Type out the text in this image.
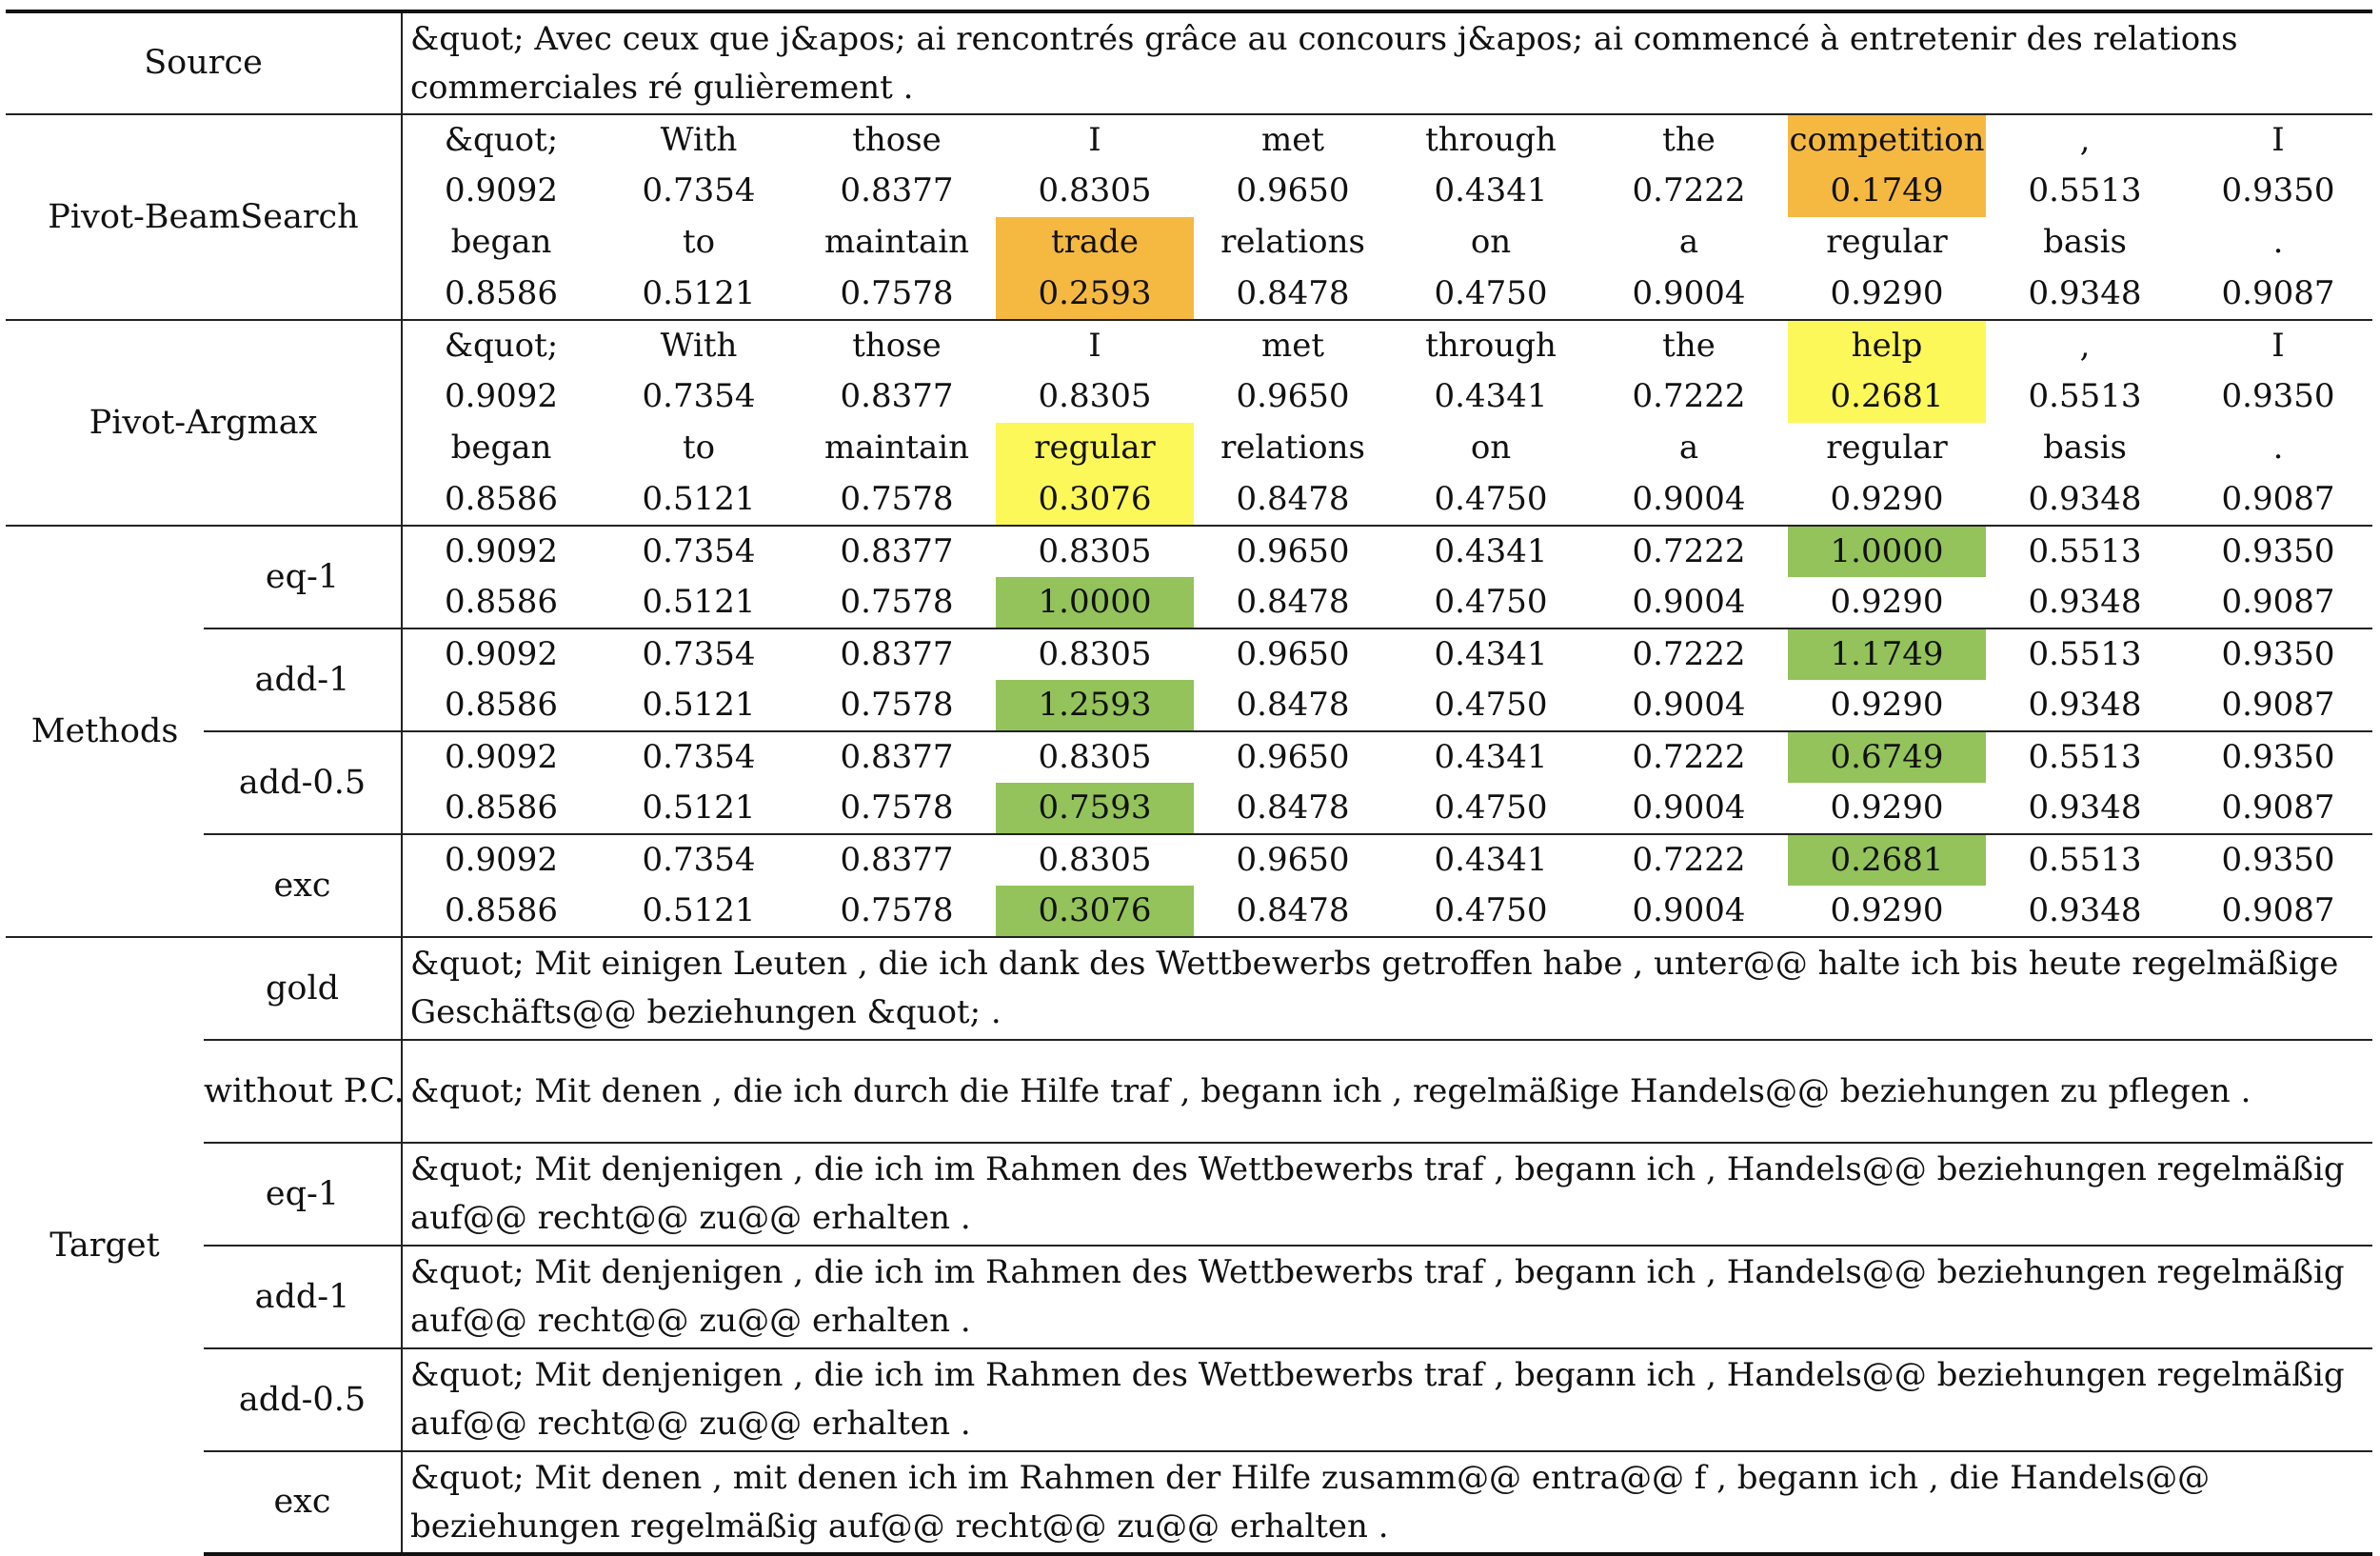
Source		&quot; Avec ceux que j&apos; ai rencontrés grâce au concours j&apos; ai commencé à entretenir des relations commerciales ré gulièrement .									
Pivot-BeamSearch		&quot;	With	those	I	met	through	the	competition	,	I
		0.9092	0.7354	0.8377	0.8305	0.9650	0.4341	0.7222	0.1749	0.5513	0.9350
		began	to	maintain	trade	relations	on	a	regular	basis	.
		0.8586	0.5121	0.7578	0.2593	0.8478	0.4750	0.9004	0.9290	0.9348	0.9087
Pivot-Argmax		&quot;	With	those	I	met	through	the	help	,	I
		0.9092	0.7354	0.8377	0.8305	0.9650	0.4341	0.7222	0.2681	0.5513	0.9350
		began	to	maintain	regular	relations	on	a	regular	basis	.
		0.8586	0.5121	0.7578	0.3076	0.8478	0.4750	0.9004	0.9290	0.9348	0.9087
Methods	eq-1	0.9092	0.7354	0.8377	0.8305	0.9650	0.4341	0.7222	1.0000	0.5513	0.9350
		0.8586	0.5121	0.7578	1.0000	0.8478	0.4750	0.9004	0.9290	0.9348	0.9087
	add-1	0.9092	0.7354	0.8377	0.8305	0.9650	0.4341	0.7222	1.1749	0.5513	0.9350
		0.8586	0.5121	0.7578	1.2593	0.8478	0.4750	0.9004	0.9290	0.9348	0.9087
	add-0.5	0.9092	0.7354	0.8377	0.8305	0.9650	0.4341	0.7222	0.6749	0.5513	0.9350
		0.8586	0.5121	0.7578	0.7593	0.8478	0.4750	0.9004	0.9290	0.9348	0.9087
	exc	0.9092	0.7354	0.8377	0.8305	0.9650	0.4341	0.7222	0.2681	0.5513	0.9350
		0.8586	0.5121	0.7578	0.3076	0.8478	0.4750	0.9004	0.9290	0.9348	0.9087
Target	gold	&quot; Mit einigen Leuten , die ich dank des Wettbewerbs getroffen habe , unter@@ halte ich bis heute regelmäßige Geschäfts@@ beziehungen &quot; .									
	without P.C.	&quot; Mit denen , die ich durch die Hilfe traf , begann ich , regelmäßige Handels@@ beziehungen zu pflegen .									
	eq-1	&quot; Mit denjenigen , die ich im Rahmen des Wettbewerbs traf , begann ich , Handels@@ beziehungen regelmäßig auf@@ recht@@ zu@@ erhalten .									
	add-1	&quot; Mit denjenigen , die ich im Rahmen des Wettbewerbs traf , begann ich , Handels@@ beziehungen regelmäßig auf@@ recht@@ zu@@ erhalten .									
	add-0.5	&quot; Mit denjenigen , die ich im Rahmen des Wettbewerbs traf , begann ich , Handels@@ beziehungen regelmäßig auf@@ recht@@ zu@@ erhalten .									
	exc	&quot; Mit denen , mit denen ich im Rahmen der Hilfe zusamm@@ entra@@ f , begann ich , die Handels@@ beziehungen regelmäßig auf@@ recht@@ zu@@ erhalten .									
